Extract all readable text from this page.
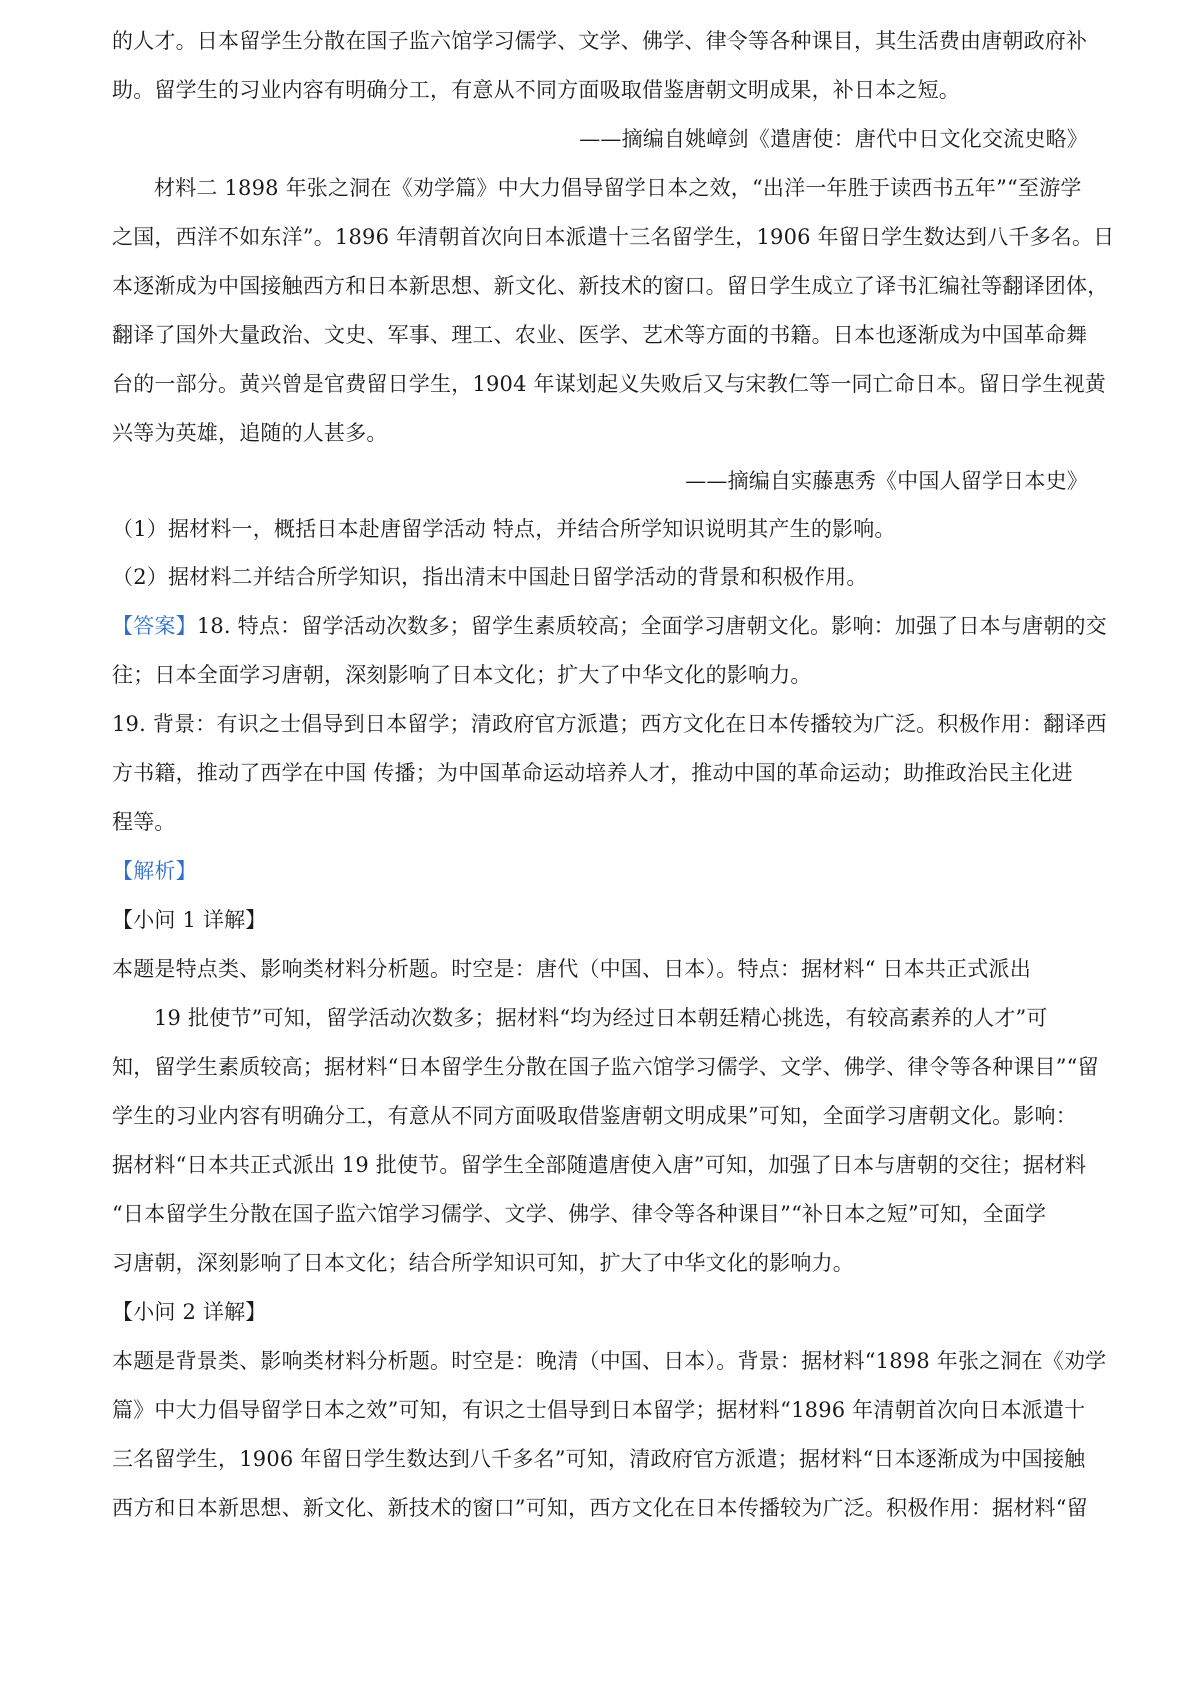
的人才。日本留学生分散在国子监六馆学习儒学、文学、佛学、律令等各种课目，其生活费由唐朝政府补
助。留学生的习业内容有明确分工，有意从不同方面吸取借鉴唐朝文明成果，补日本之短。
——摘编自姚嶂剑《遣唐使：唐代中日文化交流史略》
材料二 1898 年张之洞在《劝学篇》中大力倡导留学日本之效，“出洋一年胜于读西书五年”“至游学
之国，西洋不如东洋”。1896 年清朝首次向日本派遣十三名留学生，1906 年留日学生数达到八千多名。日
本逐渐成为中国接触西方和日本新思想、新文化、新技术的窗口。留日学生成立了译书汇编社等翻译团体，
翻译了国外大量政治、文史、军事、理工、农业、医学、艺术等方面的书籍。日本也逐渐成为中国革命舞
台的一部分。黄兴曾是官费留日学生，1904 年谋划起义失败后又与宋教仁等一同亡命日本。留日学生视黄
兴等为英雄，追随的人甚多。
——摘编自实藤惠秀《中国人留学日本史》
（1）据材料一，概括日本赴唐留学活动 特点，并结合所学知识说明其产生的影响。
（2）据材料二并结合所学知识，指出清末中国赴日留学活动的背景和积极作用。
【答案】18. 特点：留学活动次数多；留学生素质较高；全面学习唐朝文化。影响：加强了日本与唐朝的交
往；日本全面学习唐朝，深刻影响了日本文化；扩大了中华文化的影响力。
19. 背景：有识之士倡导到日本留学；清政府官方派遣；西方文化在日本传播较为广泛。积极作用：翻译西
方书籍，推动了西学在中国 传播；为中国革命运动培养人才，推动中国的革命运动；助推政治民主化进
程等。
【解析】
【小问 1 详解】
本题是特点类、影响类材料分析题。时空是：唐代（中国、日本）。特点：据材料“ 日本共正式派出
19 批使节”可知，留学活动次数多；据材料“均为经过日本朝廷精心挑选，有较高素养的人才”可
知，留学生素质较高；据材料“日本留学生分散在国子监六馆学习儒学、文学、佛学、律令等各种课目”“留
学生的习业内容有明确分工，有意从不同方面吸取借鉴唐朝文明成果”可知，全面学习唐朝文化。影响：
据材料“日本共正式派出 19 批使节。留学生全部随遣唐使入唐”可知，加强了日本与唐朝的交往；据材料
“日本留学生分散在国子监六馆学习儒学、文学、佛学、律令等各种课目”“补日本之短”可知，全面学
习唐朝，深刻影响了日本文化；结合所学知识可知，扩大了中华文化的影响力。
【小问 2 详解】
本题是背景类、影响类材料分析题。时空是：晚清（中国、日本）。背景：据材料“1898 年张之洞在《劝学
篇》中大力倡导留学日本之效”可知，有识之士倡导到日本留学；据材料“1896 年清朝首次向日本派遣十
三名留学生，1906 年留日学生数达到八千多名”可知，清政府官方派遣；据材料“日本逐渐成为中国接触
西方和日本新思想、新文化、新技术的窗口”可知，西方文化在日本传播较为广泛。积极作用：据材料“留
